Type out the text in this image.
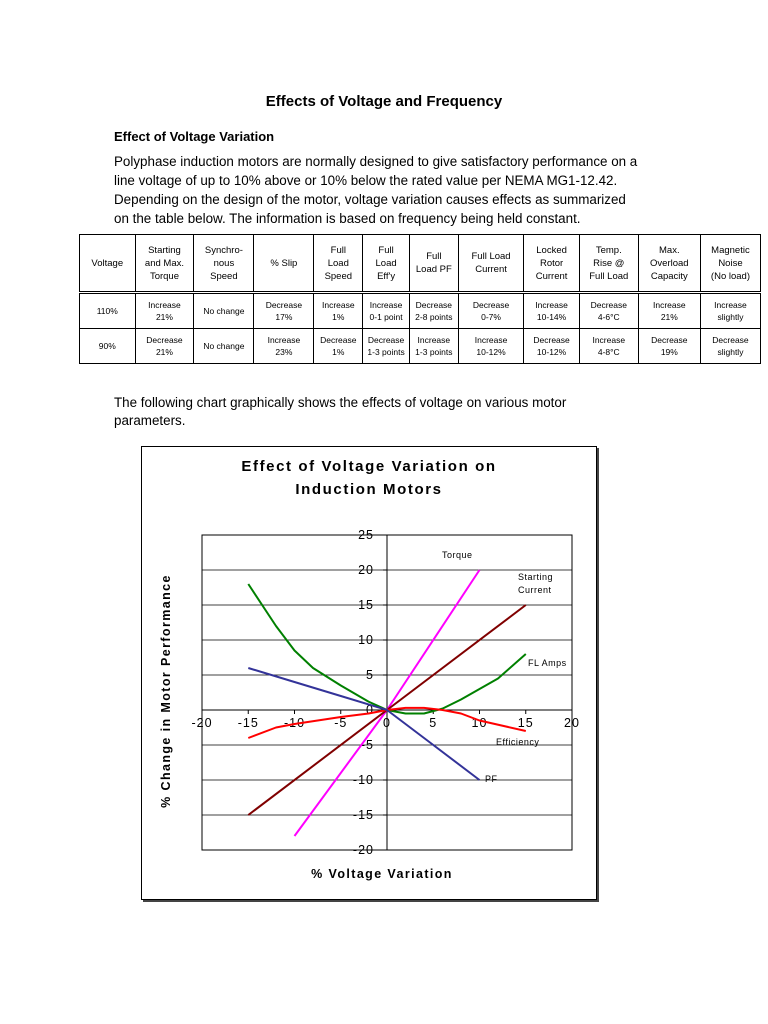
Effects of Voltage and Frequency
Effect of Voltage Variation

Polyphase induction motors are normally designed to give satisfactory performance on a
line voltage of up to 10% above or 10% below the rated value per NEMA MG1-12.42.
Depending on the design of the motor, voltage variation causes effects as summarized
on the table below. The information is based on frequency being held constant.

Voltage	Starting
and Max.
Torque	Synchro-
nous
Speed	% Slip	Full
Load
Speed	Full
Load
Eff'y	Full
Load PF	Full Load
Current	Locked
Rotor
Current	Temp.
Rise @
Full Load	Max.
Overload
Capacity	Magnetic
Noise
(No load)

110%	Increase
21%	No change	Decrease
17%	Increase
1%	Increase
0-1 point	Decrease
2-8 points	Decrease
0-7%	Increase
10-14%	Decrease
4-6°C	Increase
21%	Increase
slightly

90%	Decrease
21%	No change	Increase
23%	Decrease
1%	Decrease
1-3 points	Increase
1-3 points	Increase
10-12%	Decrease
10-12%	Increase
4-8°C	Decrease
19%	Decrease
slightly

The following chart graphically shows the effects of voltage on various motor
parameters.

Effect of Voltage Variation on
Induction Motors
% Voltage Variation
% Change in Motor Performance -20 -15 -10 -5	0	5	10 15 20
25
20
15
10
5
0
-5
-10
-15
-20
Torque
Starting
Current
FL Amps
Efficiency
PF
